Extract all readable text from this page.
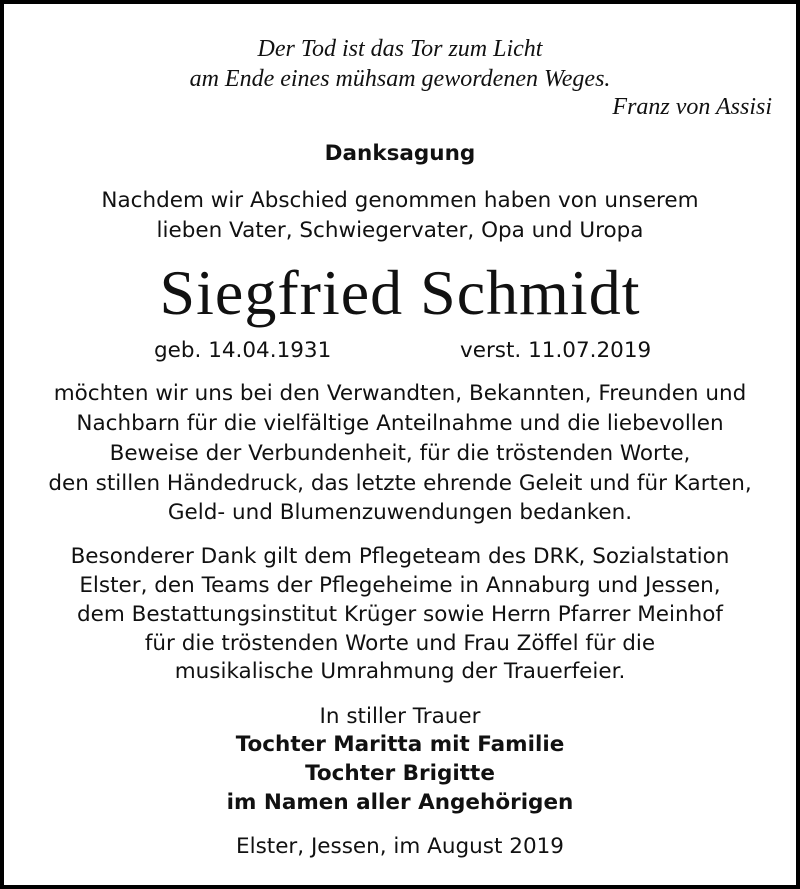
Der Tod ist das Tor zum Licht
am Ende eines mühsam gewordenen Weges.
Franz von Assisi
Danksagung
Nachdem wir Abschied genommen haben von unserem
lieben Vater, Schwiegervater, Opa und Uropa
Siegfried Schmidt
geb. 14.04.1931	verst. 11.07.2019
möchten wir uns bei den Verwandten, Bekannten, Freunden und
Nachbarn für die vielfältige Anteilnahme und die liebevollen
Beweise der Verbundenheit, für die tröstenden Worte,
den stillen Händedruck, das letzte ehrende Geleit und für Karten,
Geld- und Blumenzuwendungen bedanken.
Besonderer Dank gilt dem Pflegeteam des DRK, Sozialstation
Elster, den Teams der Pflegeheime in Annaburg und Jessen,
dem Bestattungsinstitut Krüger sowie Herrn Pfarrer Meinhof
für die tröstenden Worte und Frau Zöffel für die
musikalische Umrahmung der Trauerfeier.
In stiller Trauer
Tochter Maritta mit Familie
Tochter Brigitte
im Namen aller Angehörigen
Elster, Jessen, im August 2019
